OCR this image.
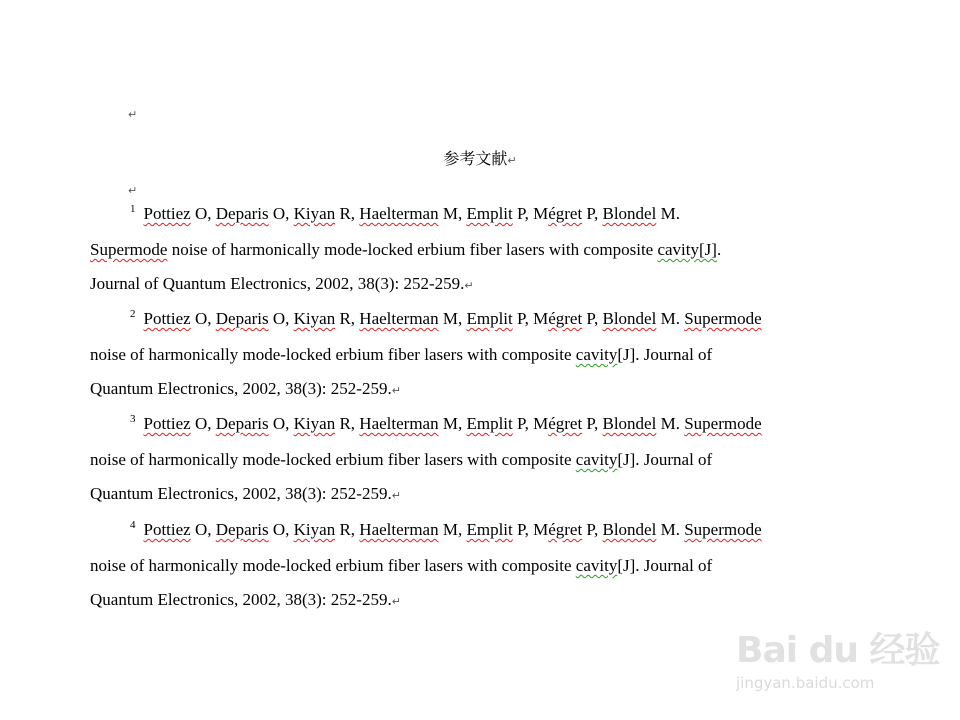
↵
参考文献↵
↵
$^1$ Pottiez O, Deparis O, Kiyan R, Haelterman M, Emplit P, Mégret P, Blondel M.
Supermode noise of harmonically mode-locked erbium fiber lasers with composite cavity[J].
Journal of Quantum Electronics, 2002, 38(3): 252-259.↵
$^2$ Pottiez O, Deparis O, Kiyan R, Haelterman M, Emplit P, Mégret P, Blondel M. Supermode
noise of harmonically mode-locked erbium fiber lasers with composite cavity[J]. Journal of
Quantum Electronics, 2002, 38(3): 252-259.↵
$^3$ Pottiez O, Deparis O, Kiyan R, Haelterman M, Emplit P, Mégret P, Blondel M. Supermode
noise of harmonically mode-locked erbium fiber lasers with composite cavity[J]. Journal of
Quantum Electronics, 2002, 38(3): 252-259.↵
$^4$ Pottiez O, Deparis O, Kiyan R, Haelterman M, Emplit P, Mégret P, Blondel M. Supermode
noise of harmonically mode-locked erbium fiber lasers with composite cavity[J]. Journal of
Quantum Electronics, 2002, 38(3): 252-259.↵
Bai du 经验
jingyan.baidu.com
